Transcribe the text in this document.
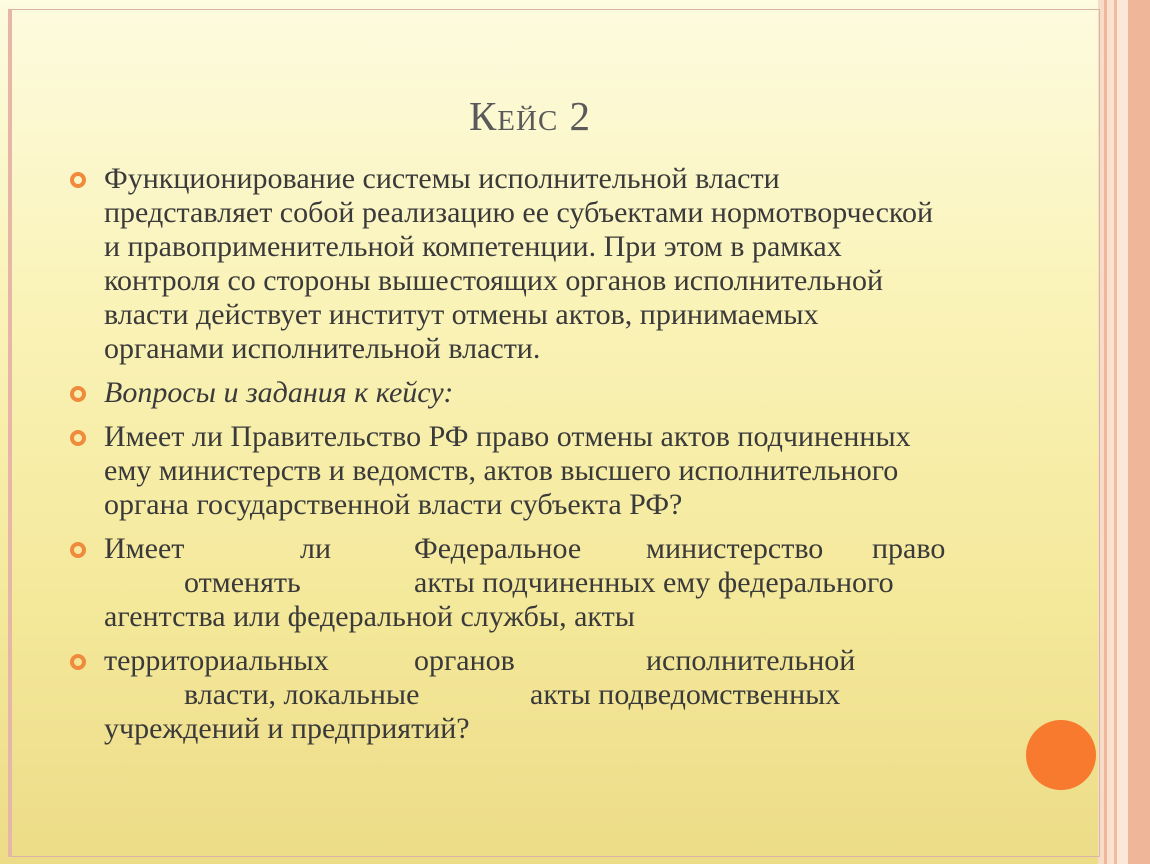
Кейс 2
Функционирование системы исполнительной власти
представляет собой реализацию ее субъектами нормотворческой
и правоприменительной компетенции. При этом в рамках
контроля со стороны вышестоящих органов исполнительной
власти действует институт отмены актов, принимаемых
органами исполнительной власти.
Вопросы и задания к кейсу:
Имеет ли Правительство РФ право отмены актов подчиненных
ему министерств и ведомств, актов высшего исполнительного
органа государственной власти субъекта РФ?
Имеет	ли	Федеральное	министерство	право
отменять	акты подчиненных ему федерального
агентства или федеральной службы, акты
территориальных	органов	исполнительной
власти, локальные	акты подведомственных
учреждений и предприятий?
